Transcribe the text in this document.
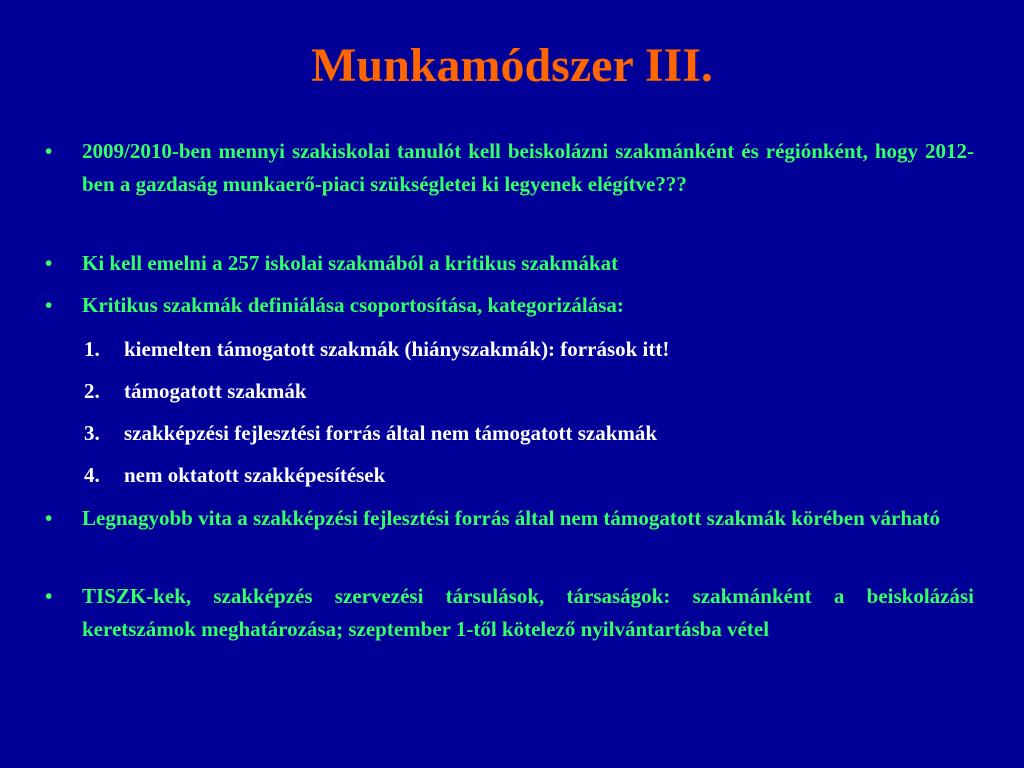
Munkamódszer III.
•	2009/2010-ben mennyi szakiskolai tanulót kell beiskolázni szakmánként és régiónként, hogy 2012-ben a gazdaság munkaerő-piaci szükségletei ki legyenek elégítve???
•	Ki kell emelni a 257 iskolai szakmából a kritikus szakmákat
•	Kritikus szakmák definiálása csoportosítása, kategorizálása:
1. kiemelten támogatott szakmák (hiányszakmák): források itt!
2. támogatott szakmák
3. szakképzési fejlesztési forrás által nem támogatott szakmák
4. nem oktatott szakképesítések
•	Legnagyobb vita a szakképzési fejlesztési forrás által nem támogatott szakmák körében várható
•	TISZK-kek, szakképzés szervezési társulások, társaságok: szakmánként a beiskolázási keretszámok meghatározása; szeptember 1-től kötelező nyilvántartásba vétel
